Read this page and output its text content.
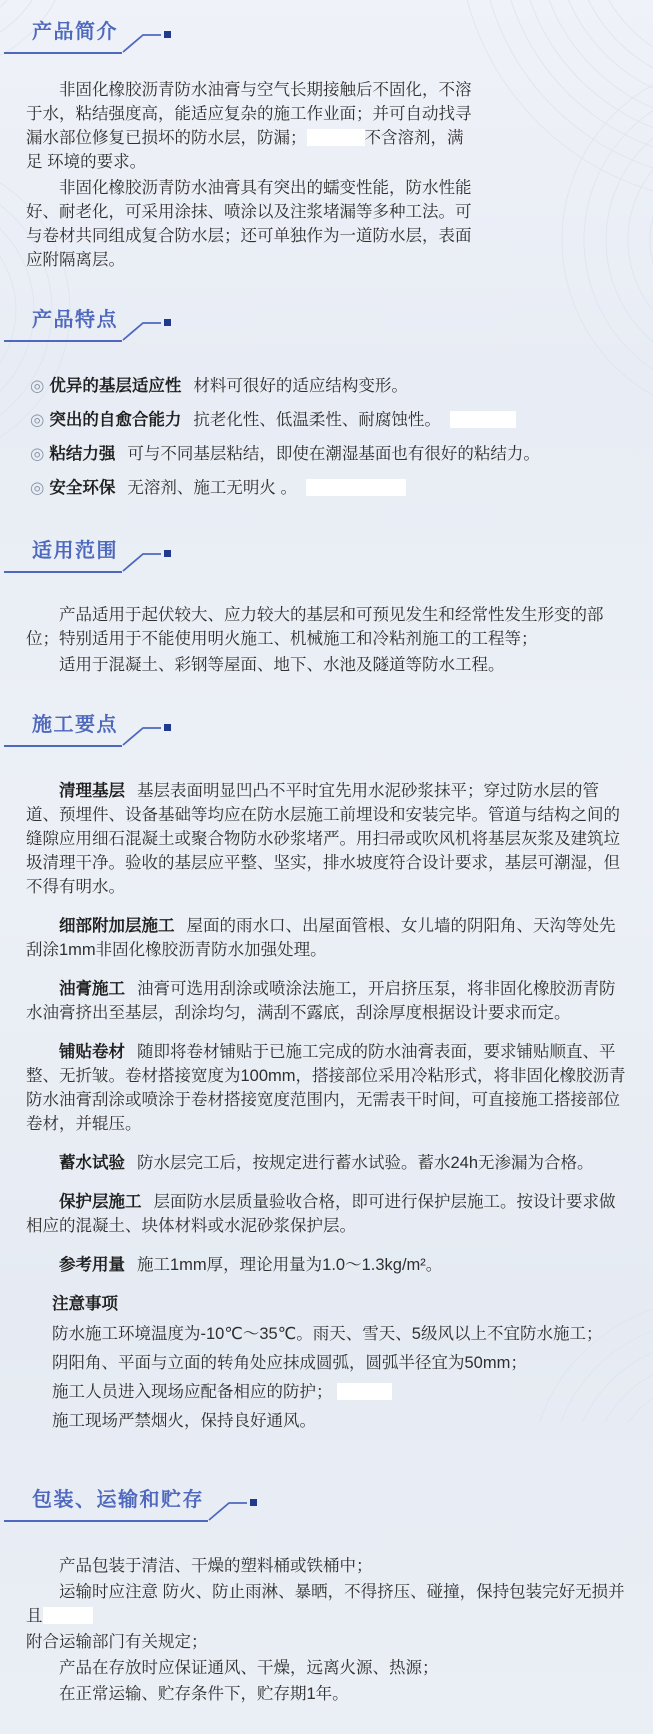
产品简介

非固化橡胶沥青防水油膏与空气长期接触后不固化，不溶于水，粘结强度高，能适应复杂的施工作业面；并可自动找寻漏水部位修复已损坏的防水层，防漏；	不含溶剂，满足 环境的要求。

非固化橡胶沥青防水油膏具有突出的蠕变性能，防水性能好、耐老化，可采用涂抹、喷涂以及注浆堵漏等多种工法。可与卷材共同组成复合防水层；还可单独作为一道防水层，表面应附隔离层。

产品特点

◎ 优异的基层适应性 材料可很好的适应结构变形。

◎ 突出的自愈合能力 抗老化性、低温柔性、耐腐蚀性。

◎ 粘结力强 可与不同基层粘结，即使在潮湿基面也有很好的粘结力。

◎ 安全环保 无溶剂、施工无明火 。

适用范围

产品适用于起伏较大、应力较大的基层和可预见发生和经常性发生形变的部位；特别适用于不能使用明火施工、机械施工和冷粘剂施工的工程等；

适用于混凝土、彩钢等屋面、地下、水池及隧道等防水工程。

施工要点

清理基层 基层表面明显凹凸不平时宜先用水泥砂浆抹平；穿过防水层的管道、预埋件、设备基础等均应在防水层施工前埋设和安装完毕。管道与结构之间的缝隙应用细石混凝土或聚合物防水砂浆堵严。用扫帚或吹风机将基层灰浆及建筑垃圾清理干净。验收的基层应平整、坚实，排水坡度符合设计要求，基层可潮湿，但不得有明水。

细部附加层施工 屋面的雨水口、出屋面管根、女儿墙的阴阳角、天沟等处先刮涂1mm非固化橡胶沥青防水加强处理。

油膏施工 油膏可选用刮涂或喷涂法施工，开启挤压泵，将非固化橡胶沥青防水油膏挤出至基层，刮涂均匀，满刮不露底，刮涂厚度根据设计要求而定。

铺贴卷材 随即将卷材铺贴于已施工完成的防水油膏表面，要求铺贴顺直、平整、无折皱。卷材搭接宽度为100mm，搭接部位采用冷粘形式，将非固化橡胶沥青防水油膏刮涂或喷涂于卷材搭接宽度范围内，无需表干时间，可直接施工搭接部位卷材，并辊压。

蓄水试验 防水层完工后，按规定进行蓄水试验。蓄水24h无渗漏为合格。

保护层施工 层面防水层质量验收合格，即可进行保护层施工。按设计要求做相应的混凝土、块体材料或水泥砂浆保护层。

参考用量 施工1mm厚，理论用量为1.0～1.3kg/m²。

注意事项

防水施工环境温度为-10℃～35℃。雨天、雪天、5级风以上不宜防水施工；

阴阳角、平面与立面的转角处应抹成圆弧，圆弧半径宜为50mm；

施工人员进入现场应配备相应的防护；

施工现场严禁烟火，保持良好通风。

包装、运输和贮存

产品包装于清洁、干燥的塑料桶或铁桶中；

运输时应注意 防火、防止雨淋、暴晒，不得挤压、碰撞，保持包装完好无损并且

附合运输部门有关规定；

产品在存放时应保证通风、干燥，远离火源、热源；

在正常运输、贮存条件下，贮存期1年。
